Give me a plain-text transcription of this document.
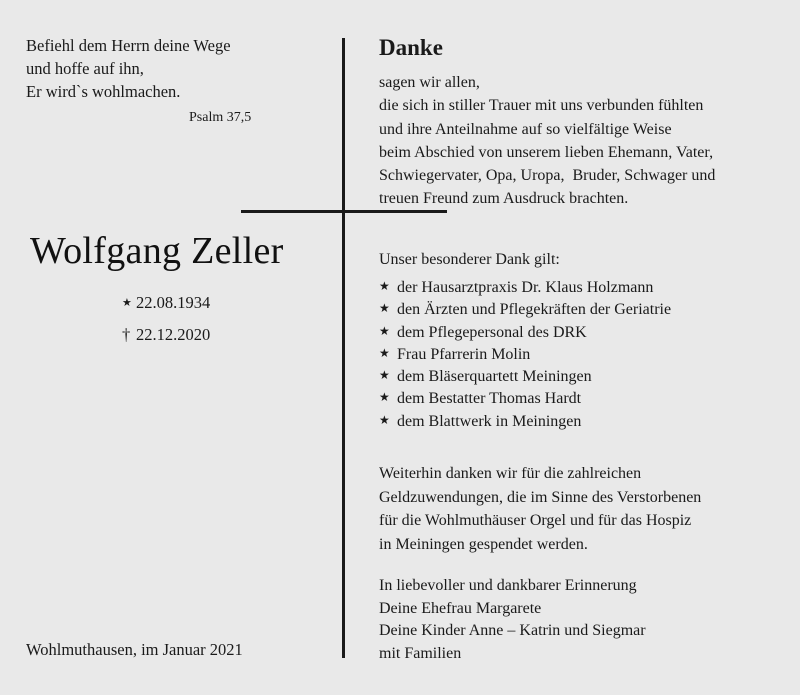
Befiehl dem Herrn deine Wege
und hoffe auf ihn,
Er wird`s wohlmachen.
Psalm 37,5
Wolfgang Zeller
★ 22.08.1934
† 22.12.2020
Wohlmuthausen, im Januar 2021
Danke
sagen wir allen,
die sich in stiller Trauer mit uns verbunden fühlten
und ihre Anteilnahme auf so vielfältige Weise
beim Abschied von unserem lieben Ehemann, Vater,
Schwiegervater, Opa, Uropa,  Bruder, Schwager und
treuen Freund zum Ausdruck brachten.
Unser besonderer Dank gilt:
★ der Hausarztpraxis Dr. Klaus Holzmann
★ den Ärzten und Pflegekräften der Geriatrie
★ dem Pflegepersonal des DRK
★ Frau Pfarrerin Molin
★ dem Bläserquartett Meiningen
★ dem Bestatter Thomas Hardt
★ dem Blattwerk in Meiningen
Weiterhin danken wir für die zahlreichen
Geldzuwendungen, die im Sinne des Verstorbenen
für die Wohlmuthäuser Orgel und für das Hospiz
in Meiningen gespendet werden.
In liebevoller und dankbarer Erinnerung
Deine Ehefrau Margarete
Deine Kinder Anne – Katrin und Siegmar
mit Familien
